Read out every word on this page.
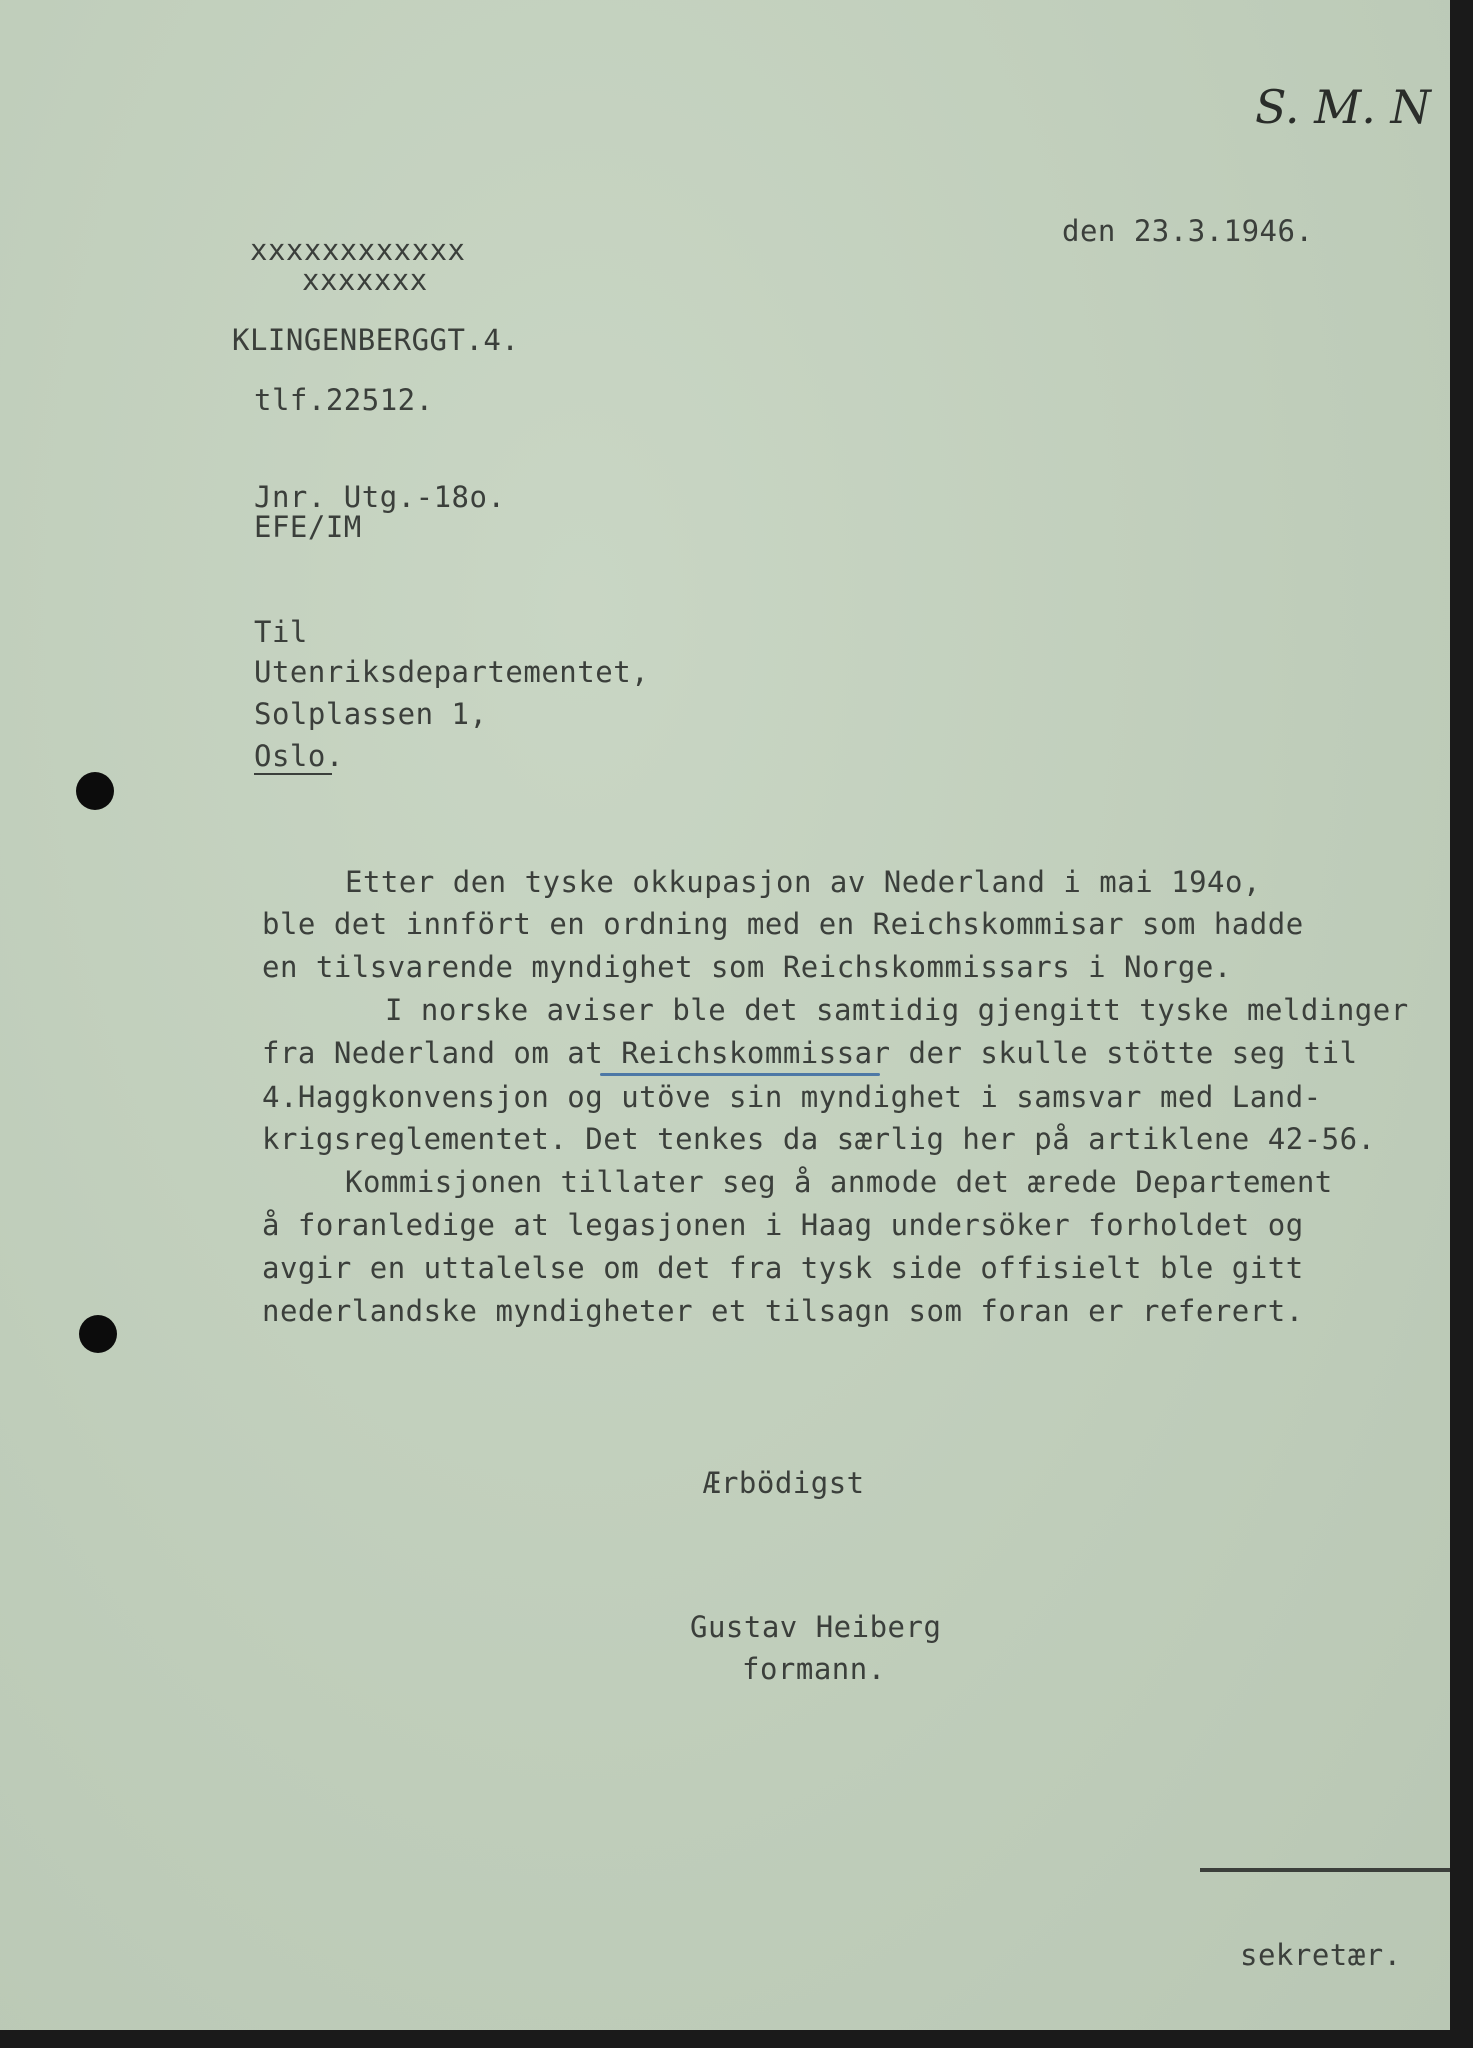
S. M. N
den 23.3.1946.
xxxxxxxxxxxx
xxxxxxx
KLINGENBERGGT.4.
tlf.22512.
Jnr. Utg.-18o.
EFE/IM
Til
Utenriksdepartementet,
Solplassen 1,
Oslo.
Etter den tyske okkupasjon av Nederland i mai 194o,
ble det innfört en ordning med en Reichskommisar som hadde
en tilsvarende myndighet som Reichskommissars i Norge.
I norske aviser ble det samtidig gjengitt tyske meldinger
fra Nederland om at Reichskommissar der skulle stötte seg til
4.Haggkonvensjon og utöve sin myndighet i samsvar med Land-
krigsreglementet. Det tenkes da særlig her på artiklene 42-56.
Kommisjonen tillater seg å anmode det ærede Departement
å foranledige at legasjonen i Haag undersöker forholdet og
avgir en uttalelse om det fra tysk side offisielt ble gitt
nederlandske myndigheter et tilsagn som foran er referert.
Ærbödigst
Gustav Heiberg
formann.
sekretær.
